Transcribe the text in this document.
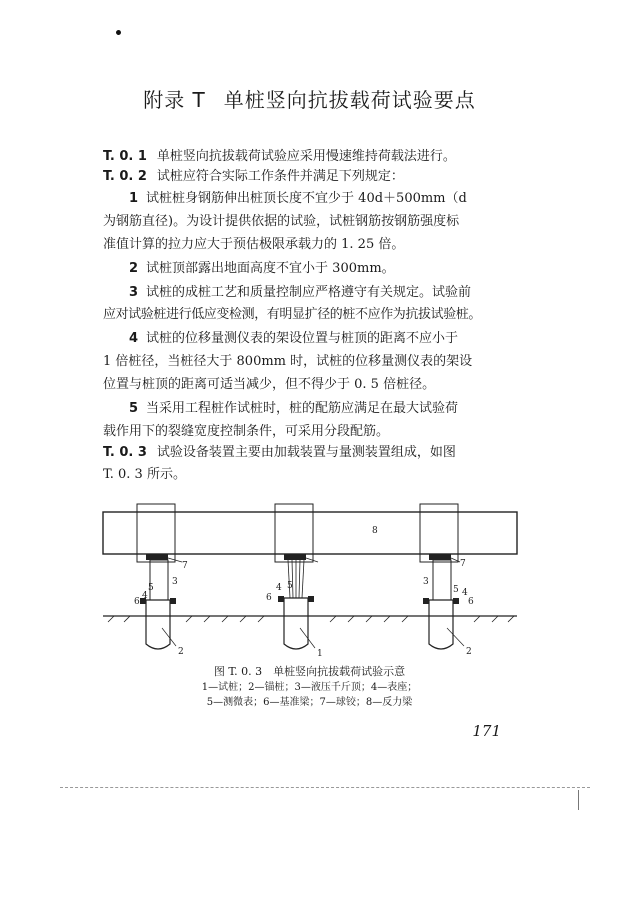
附录 T 单桩竖向抗拔载荷试验要点
T. 0. 1 单桩竖向抗拔载荷试验应采用慢速维持荷载法进行。
T. 0. 2 试桩应符合实际工作条件并满足下列规定：
1 试桩桩身钢筋伸出桩顶长度不宜少于 40d＋500mm（d
为钢筋直径)。为设计提供依据的试验，试桩钢筋按钢筋强度标
准值计算的拉力应大于预估极限承载力的 1. 25 倍。
2 试桩顶部露出地面高度不宜小于 300mm。
3 试桩的成桩工艺和质量控制应严格遵守有关规定。试验前
应对试验桩进行低应变检测，有明显扩径的桩不应作为抗拔试验桩。
4 试桩的位移量测仪表的架设位置与桩顶的距离不应小于
1 倍桩径，当桩径大于 800mm 时，试桩的位移量测仪表的架设
位置与桩顶的距离可适当减少，但不得少于 0. 5 倍桩径。
5 当采用工程桩作试桩时，桩的配筋应满足在最大试验荷
载作用下的裂缝宽度控制条件，可采用分段配筋。
T. 0. 3 试验设备装置主要由加载装置与量测装置组成，如图
T. 0. 3 所示。
8
7	7
3	3
5	5	5
4
4	4
6	6	6
2	2
1
图 T. 0. 3　单桩竖向抗拔载荷试验示意
1—试桩；2—锚桩；3—液压千斤顶；4—表座；
5—测微表；6—基准梁；7—球铰；8—反力梁
171
